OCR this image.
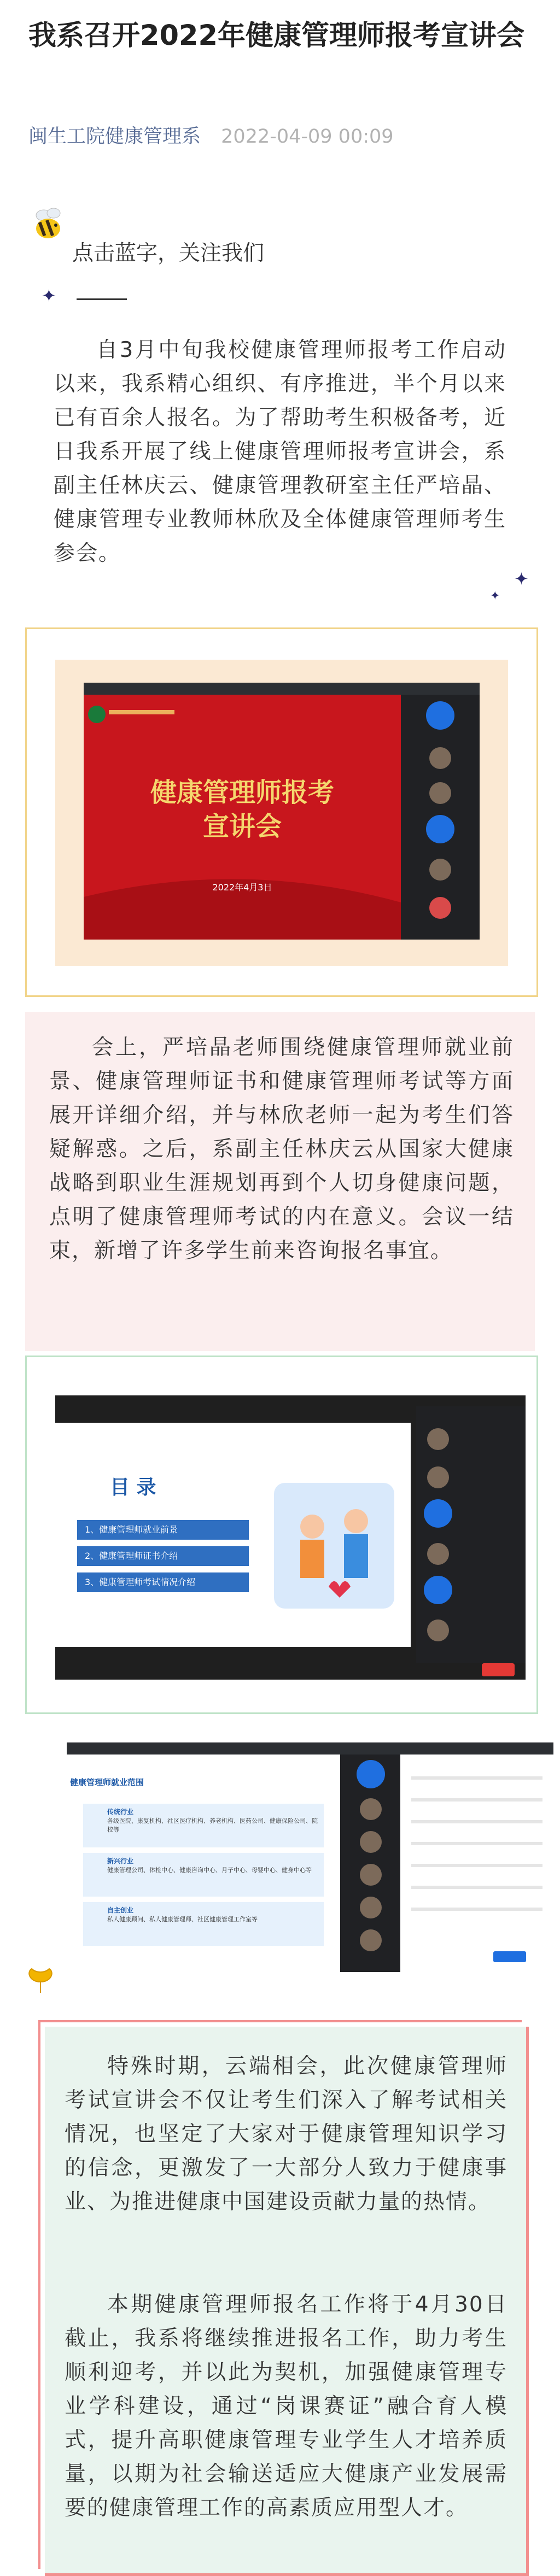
我系召开2022年健康管理师报考宣讲会
闽生工院健康管理系 2022-04-09 00:09
点击蓝字，关注我们
✦

自3月中旬我校健康管理师报考工作启动以来，我系精心组织、有序推进，半个月以来已有百余人报名。为了帮助考生积极备考，近日我系开展了线上健康管理师报考宣讲会，系副主任林庆云、健康管理教研室主任严培晶、健康管理专业教师林欣及全体健康管理师考生参会。

✦
✦
健康管理师报考
宣讲会
2022年4月3日

会上，严培晶老师围绕健康管理师就业前景、健康管理师证书和健康管理师考试等方面展开详细介绍，并与林欣老师一起为考生们答疑解惑。之后，系副主任林庆云从国家大健康战略到职业生涯规划再到个人切身健康问题，点明了健康管理师考试的内在意义。会议一结束，新增了许多学生前来咨询报名事宜。

目 录
1、健康管理师就业前景
2、健康管理师证书介绍
3、健康管理师考试情况介绍
健康管理师就业范围
传统行业
各级医院、康复机构、社区医疗机构、养老机构、医药公司、健康保险公司、院校等
新兴行业
健康管理公司、体检中心、健康咨询中心、月子中心、母婴中心、健身中心等
自主创业
私人健康顾问、私人健康管理师、社区健康管理工作室等

特殊时期，云端相会，此次健康管理师考试宣讲会不仅让考生们深入了解考试相关情况，也坚定了大家对于健康管理知识学习的信念，更激发了一大部分人致力于健康事业、为推进健康中国建设贡献力量的热情。

本期健康管理师报名工作将于4月30日截止，我系将继续推进报名工作，助力考生顺利迎考，并以此为契机，加强健康管理专业学科建设，通过“岗课赛证”融合育人模式，提升高职健康管理专业学生人才培养质量，以期为社会输送适应大健康产业发展需要的健康管理工作的高素质应用型人才。
